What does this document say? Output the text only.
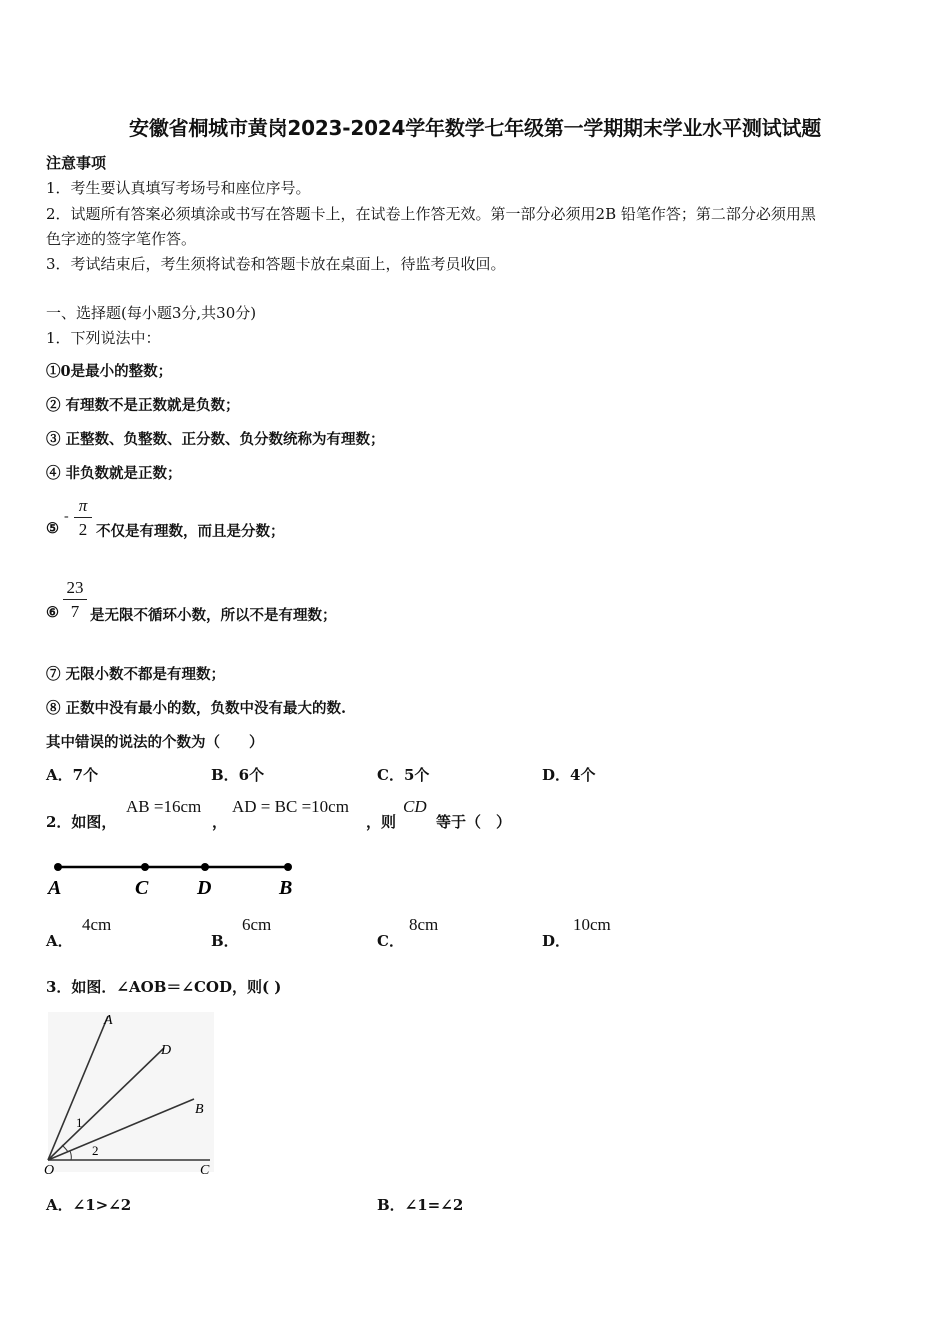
安徽省桐城市黄岗2023-2024学年数学七年级第一学期期末学业水平测试试题
注意事项
1．考生要认真填写考场号和座位序号。
2．试题所有答案必须填涂或书写在答题卡上，在试卷上作答无效。第一部分必须用2B 铅笔作答；第二部分必须用黑
色字迹的签字笔作答。
3．考试结束后，考生须将试卷和答题卡放在桌面上，待监考员收回。
一、选择题(每小题3分,共30分)
1．下列说法中：
①0是最小的整数；
② 有理数不是正数就是负数；
③ 正整数、负整数、正分数、负分数统称为有理数；
④ 非负数就是正数；
⑤
-
π
2 不仅是有理数，而且是分数；
⑥
23
7 是无限不循环小数，所以不是有理数；
⑦ 无限小数不都是有理数；
⑧ 正数中没有最小的数，负数中没有最大的数.
其中错误的说法的个数为（　　）
A．7个	B．6个	C．5个	D．4个
2．如图，
AB =16cm
，
AD = BC =10cm
，则
CD
等于（　）
A	C D	B
A．
4cm
B．
6cm
C．
8cm
D．
10cm
3．如图．∠AOB＝∠COD，则( )
A
D
B
O	C
1
2
A．∠1>∠2	B．∠1=∠2
